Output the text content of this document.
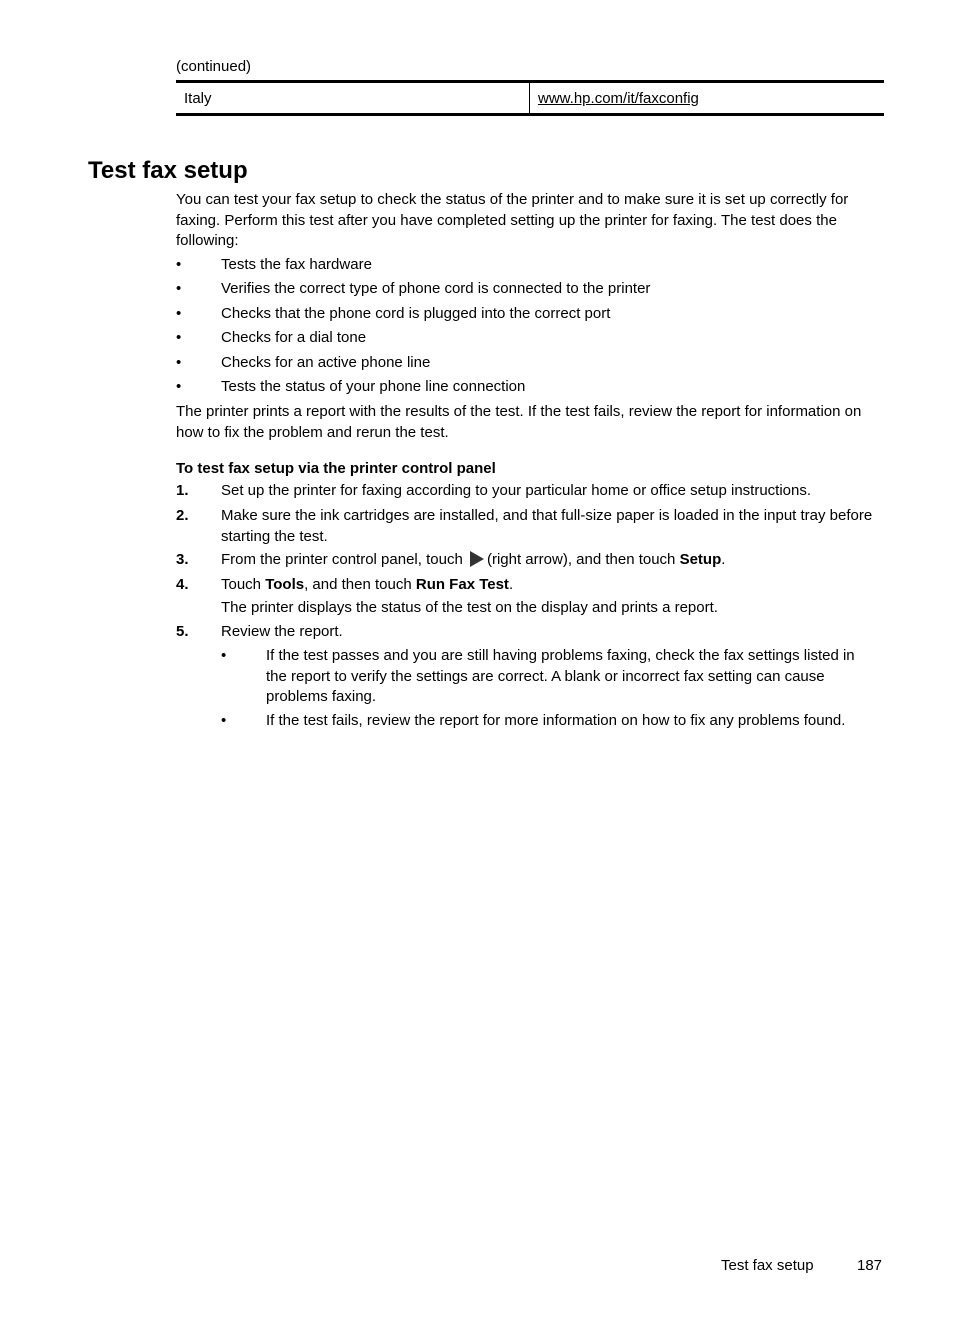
(continued)
Italy	www.hp.com/it/faxconfig
Test fax setup

You can test your fax setup to check the status of the printer and to make sure it is set up correctly for faxing. Perform this test after you have completed setting up the printer for faxing. The test does the following:

•	Tests the fax hardware
•	Verifies the correct type of phone cord is connected to the printer
•	Checks that the phone cord is plugged into the correct port
•	Checks for a dial tone
•	Checks for an active phone line
•	Tests the status of your phone line connection

The printer prints a report with the results of the test. If the test fails, review the report for information on how to fix the problem and rerun the test.

To test fax setup via the printer control panel
1. Set up the printer for faxing according to your particular home or office setup instructions.
2. Make sure the ink cartridges are installed, and that full-size paper is loaded in the input tray before starting the test.
3. From the printer control panel, touch (right arrow), and then touch Setup.
4. Touch Tools, and then touch Run Fax Test.
The printer displays the status of the test on the display and prints a report.
5. Review the report.
•	If the test passes and you are still having problems faxing, check the fax settings listed in the report to verify the settings are correct. A blank or incorrect fax setting can cause problems faxing.
•	If the test fails, review the report for more information on how to fix any problems found.
Test fax setup	187
